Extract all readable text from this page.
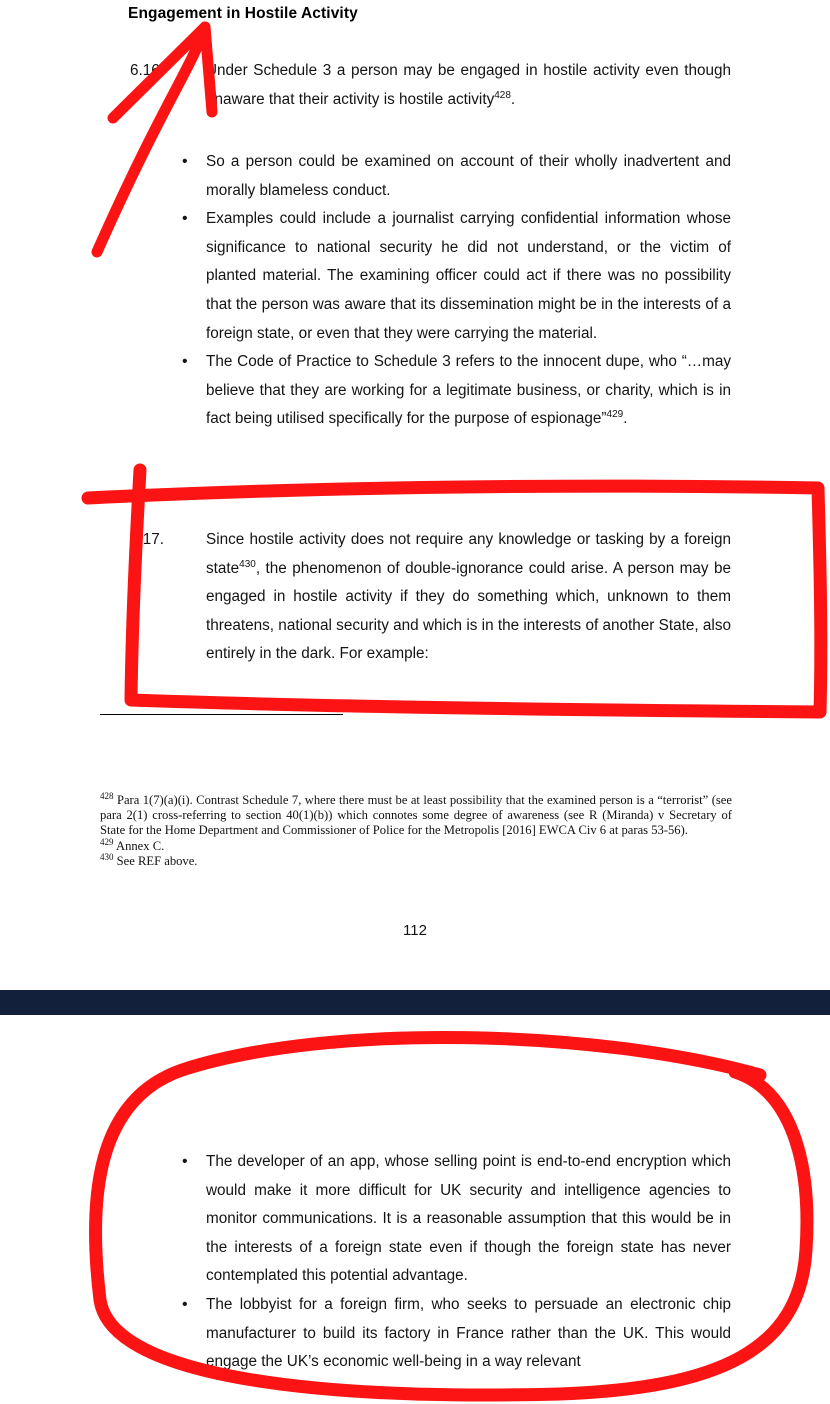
Engagement in Hostile Activity
6.16.	Under Schedule 3 a person may be engaged in hostile activity even though unaware that their activity is hostile activity$^{428}$.
• So a person could be examined on account of their wholly inadvertent and morally blameless conduct.
• Examples could include a journalist carrying confidential information whose significance to national security he did not understand, or the victim of planted material. The examining officer could act if there was no possibility that the person was aware that its dissemination might be in the interests of a foreign state, or even that they were carrying the material.
• The Code of Practice to Schedule 3 refers to the innocent dupe, who “…may believe that they are working for a legitimate business, or charity, which is in fact being utilised specifically for the purpose of espionage”$^{429}$.
6.17.	Since hostile activity does not require any knowledge or tasking by a foreign state$^{430}$, the phenomenon of double-ignorance could arise. A person may be engaged in hostile activity if they do something which, unknown to them threatens, national security and which is in the interests of another State, also entirely in the dark. For example:
$^{428}$ Para 1(7)(a)(i). Contrast Schedule 7, where there must be at least possibility that the examined person is a “terrorist” (see para 2(1) cross-referring to section 40(1)(b)) which connotes some degree of awareness (see R (Miranda) v Secretary of State for the Home Department and Commissioner of Police for the Metropolis [2016] EWCA Civ 6 at paras 53-56).
$^{429}$ Annex C.
$^{430}$ See REF above.
112
• The developer of an app, whose selling point is end-to-end encryption which would make it more difficult for UK security and intelligence agencies to monitor communications. It is a reasonable assumption that this would be in the interests of a foreign state even if though the foreign state has never contemplated this potential advantage.
• The lobbyist for a foreign firm, who seeks to persuade an electronic chip manufacturer to build its factory in France rather than the UK. This would engage the UK’s economic well-being in a way relevant
